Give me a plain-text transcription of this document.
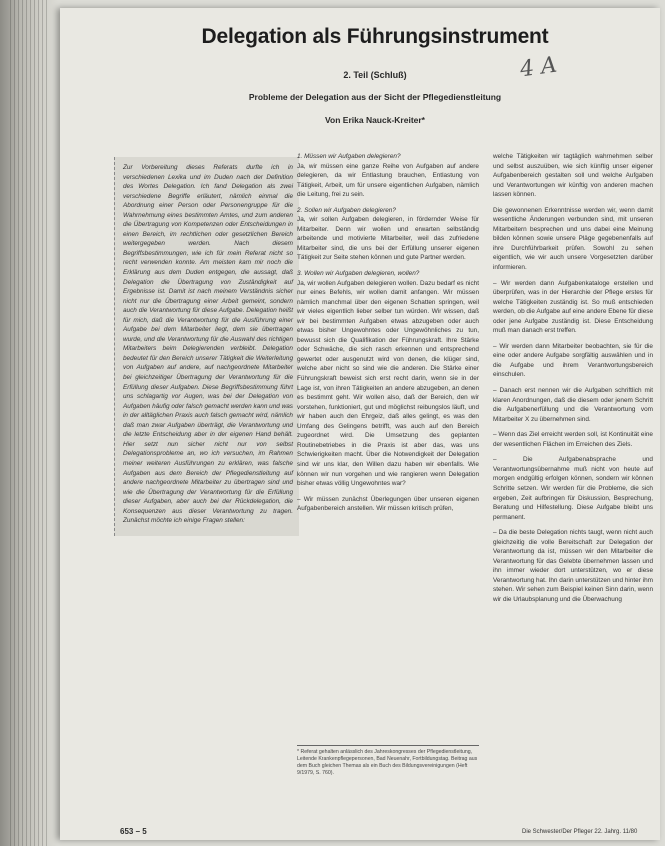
Delegation als Führungsinstrument
4 A
2. Teil (Schluß)
Probleme der Delegation aus der Sicht der Pflegedienstleitung
Von Erika Nauck-Kreiter*

Zur Vorbereitung dieses Referats durfte ich in verschiedenen Lexika und im Duden nach der Definition des Wortes Delegation. Ich fand Delegation als zwei verschiedene Begriffe erläutert, nämlich einmal die Abordnung einer Person oder Personengruppe für die Wahrnehmung eines bestimmten Amtes, und zum anderen die Übertragung von Kompetenzen oder Entscheidungen in einen Bereich, im rechtlichen oder gesetzlichen Bereich weitergegeben werden. Nach diesem Begriffsbestimmungen, wie ich für mein Referat nicht so recht verwenden konnte. Am meisten kam mir noch die Erklärung aus dem Duden entgegen, die aussagt, daß Delegation die Übertragung von Zuständigkeit auf Ergebnisse ist. Damit ist nach meinem Verständnis sicher nicht nur die Übertragung einer Arbeit gemeint, sondern auch die Verantwortung für diese Aufgabe. Delegation heißt für mich, daß die Verantwortung für die Ausführung einer Aufgabe bei dem Mitarbeiter liegt, dem sie übertragen wurde, und die Verantwortung für die Auswahl des richtigen Mitarbeiters beim Delegierenden verbleibt. Delegation bedeutet für den Bereich unserer Tätigkeit die Weiterleitung von Aufgaben auf andere, auf nachgeordnete Mitarbeiter bei gleichzeitiger Übertragung der Verantwortung für die Erfüllung dieser Aufgaben. Diese Begriffsbestimmung führt uns schlagartig vor Augen, was bei der Delegation von Aufgaben häufig oder falsch gemacht werden kann und was in der alltäglichen Praxis auch falsch gemacht wird, nämlich daß man zwar Aufgaben überträgt, die Verantwortung und die letzte Entscheidung aber in der eigenen Hand behält. Hier setzt nun sicher nicht nur von selbst Delegationsprobleme an, wo ich versuchen, im Rahmen meiner weiteren Ausführungen zu erklären, was falsche Aufgaben aus dem Bereich der Pflegedienstleitung auf andere nachgeordnete Mitarbeiter zu übertragen sind und wie die Übertragung der Verantwortung für die Erfüllung dieser Aufgaben, aber auch bei der Rückdelegation, die Konsequenzen aus dieser Verantwortung zu tragen. Zunächst möchte ich einige Fragen stellen:

1. Müssen wir Aufgaben delegieren?
Ja, wir müssen eine ganze Reihe von Aufgaben auf andere delegieren, da wir Entlastung brauchen, Entlastung von Tätigkeit, Arbeit, um für unsere eigentlichen Aufgaben, nämlich die Leitung, frei zu sein.

2. Sollen wir Aufgaben delegieren?
Ja, wir sollen Aufgaben delegieren, in fördernder Weise für Mitarbeiter. Denn wir wollen und erwarten selbständig arbeitende und motivierte Mitarbeiter, weil das zufriedene Mitarbeiter sind, die uns bei der Erfüllung unserer eigenen Tätigkeit zur Seite stehen können und gute Partner werden.

3. Wollen wir Aufgaben delegieren, wollen?
Ja, wir wollen Aufgaben delegieren wollen. Dazu bedarf es nicht nur eines Befehls, wir wollen damit anfangen. Wir müssen nämlich manchmal über den eigenen Schatten springen, weil wir vieles eigentlich lieber selber tun würden. Wir wissen, daß wir bei bestimmten Aufgaben etwas abzugeben oder auch etwas bisher Ungewohntes oder Ungewöhnliches zu tun, bewusst sich die Qualifikation der Führungskraft. Ihre Stärke oder Schwäche, die sich rasch erkennen und entsprechend gewertet oder ausgenutzt wird von denen, die klüger sind, welche aber nicht so sind wie die anderen. Die Stärke einer Führungskraft beweist sich erst recht darin, wenn sie in der Lage ist, von ihren Tätigkeiten an andere abzugeben, an denen es bestimmt geht. Wir wollen also, daß der Bereich, den wir vorstehen, funktioniert, gut und möglichst reibungslos läuft, und wir haben auch den Ehrgeiz, daß alles gelingt, es was den Umfang des Gelingens betrifft, was auch auf den Bereich zugeordnet wird. Die Umsetzung des geplanten Routinebetriebes in die Praxis ist aber das, was uns Schwierigkeiten macht. Über die Notwendigkeit der Delegation sind wir uns klar, den Willen dazu haben wir ebenfalls. Wie können wir nun vorgehen und wie rangieren wenn Delegation bisher etwas völlig Ungewohntes war?

– Wir müssen zunächst Überlegungen über unseren eigenen Aufgabenbereich anstellen. Wir müssen kritisch prüfen,

* Referat gehalten anlässlich des Jahreskongresses der Pflegedienstleitung, Leitende Krankenpflegepersonen, Bad Neuenahr, Fortbildungstag. Beitrag aus dem Buch gleichen Themas als ein Buch des Bildungsvereinigungen (Heft 9/1979, S. 760).

welche Tätigkeiten wir tagtäglich wahrnehmen selber und selbst auszuüben, wie sich künftig unser eigener Aufgabenbereich gestalten soll und welche Aufgaben und Verantwortungen wir künftig von anderen machen lassen können.

Die gewonnenen Erkenntnisse werden wir, wenn damit wesentliche Änderungen verbunden sind, mit unseren Mitarbeitern besprechen und uns dabei eine Meinung bilden können sowie unsere Pläge gegebenenfalls auf ihre Durchführbarkeit prüfen. Sowohl zu sehen eigentlich, wie wir auch unsere Vorgesetzten darüber informieren.

– Wir werden dann Aufgabenkataloge erstellen und überprüfen, was in der Hierarchie der Pflege erstes für welche Tätigkeiten zuständig ist. So muß entschieden werden, ob die Aufgabe auf eine andere Ebene für diese oder jene Aufgabe zuständig ist. Diese Entscheidung muß man danach erst treffen.

– Wir werden dann Mitarbeiter beobachten, sie für die eine oder andere Aufgabe sorgfältig auswählen und in die Aufgabe und ihrem Verantwortungsbereich einschulen.

– Danach erst nennen wir die Aufgaben schriftlich mit klaren Anordnungen, daß die diesem oder jenem Schritt die Aufgabenerfüllung und die Verantwortung vom Mitarbeiter X zu übernehmen sind.

– Wenn das Ziel erreicht werden soll, ist Kontinuität eine der wesentlichen Flächen im Erreichen des Ziels.

– Die Aufgabenabsprache und Verantwortungsübernahme muß nicht von heute auf morgen endgültig erfolgen können, sondern wir können Schritte setzen. Wir werden für die Probleme, die sich ergeben, Zeit aufbringen für Diskussion, Besprechung, Beratung und Hilfestellung. Diese Aufgabe bleibt uns permanent.

– Da die beste Delegation nichts taugt, wenn nicht auch gleichzeitig die volle Bereitschaft zur Delegation der Verantwortung da ist, müssen wir den Mitarbeiter die Verantwortung für das Gelebte übernehmen lassen und ihn immer wieder dort unterstützen, wo er diese Verantwortung hat. Ihn darin unterstützen und hinter ihm stehen. Wir sehen zum Beispiel keinen Sinn darin, wenn wir die Urlaubsplanung und die Überwachung

653 – 5	Die Schwester/Der Pfleger 22. Jahrg. 11/80
